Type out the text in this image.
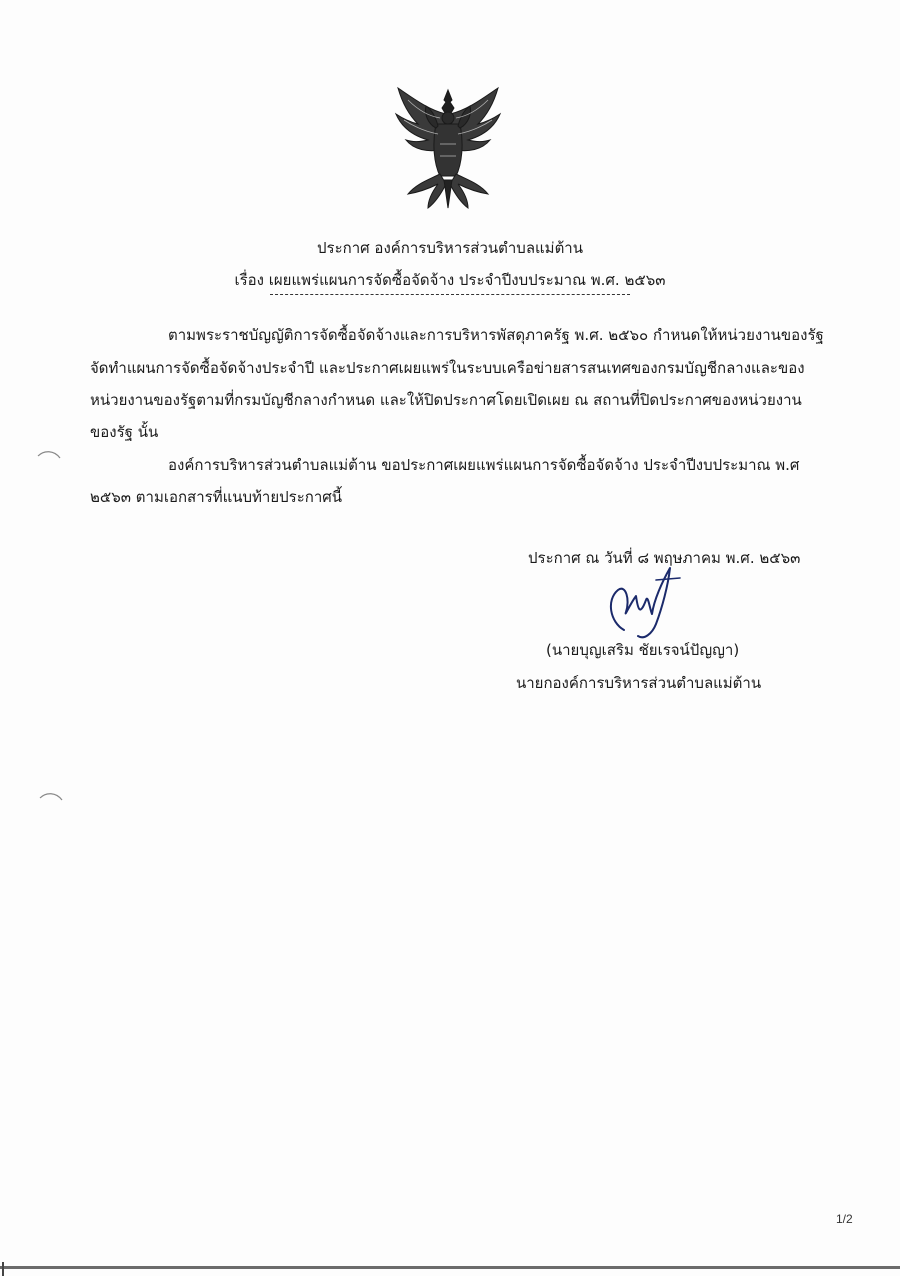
ประกาศ องค์การบริหารส่วนตำบลแม่ต้าน
เรื่อง เผยแพร่แผนการจัดซื้อจัดจ้าง ประจำปีงบประมาณ พ.ศ. ๒๕๖๓
ตามพระราชบัญญัติการจัดซื้อจัดจ้างและการบริหารพัสดุภาครัฐ พ.ศ. ๒๕๖๐ กำหนดให้หน่วยงานของรัฐ
จัดทำแผนการจัดซื้อจัดจ้างประจำปี และประกาศเผยแพร่ในระบบเครือข่ายสารสนเทศของกรมบัญชีกลางและของ
หน่วยงานของรัฐตามที่กรมบัญชีกลางกำหนด และให้ปิดประกาศโดยเปิดเผย ณ สถานที่ปิดประกาศของหน่วยงาน
ของรัฐ นั้น
องค์การบริหารส่วนตำบลแม่ต้าน ขอประกาศเผยแพร่แผนการจัดซื้อจัดจ้าง ประจำปีงบประมาณ พ.ศ
๒๕๖๓ ตามเอกสารที่แนบท้ายประกาศนี้
ประกาศ ณ วันที่ ๘ พฤษภาคม พ.ศ. ๒๕๖๓
(นายบุญเสริม ชัยเรจน์ปัญญา)
นายกองค์การบริหารส่วนตำบลแม่ต้าน
1/2
